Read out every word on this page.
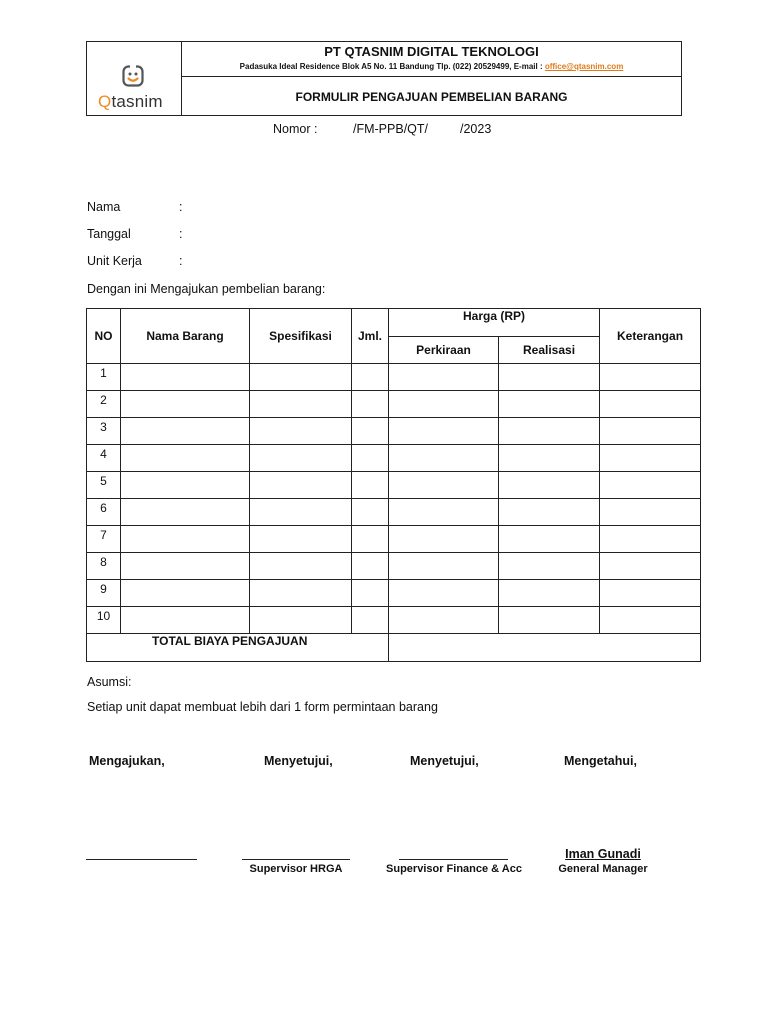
Qtasnim
PT QTASNIM DIGITAL TEKNOLOGI
Padasuka Ideal Residence Blok A5 No. 11 Bandung Tlp. (022) 20529499, E-mail : office@qtasnim.com
FORMULIR PENGAJUAN PEMBELIAN BARANG
Nomor :	/FM-PPB/QT/	/2023
Nama	:
Tanggal	:
Unit Kerja	:
Dengan ini Mengajukan pembelian barang:
NO	Nama Barang	Spesifikasi	Jml.	Harga (RP)		Keterangan
				Perkiraan	Realisasi	
1						
2						
3						
4						
5						
6						
7						
8						
9						
10						
TOTAL BIAYA PENGAJUAN						
Asumsi:
Setiap unit dapat membuat lebih dari 1 form permintaan barang
Mengajukan,	Menyetujui,	Menyetujui,	Mengetahui,
Supervisor HRGA	Supervisor Finance & Acc
Iman Gunadi
General Manager
